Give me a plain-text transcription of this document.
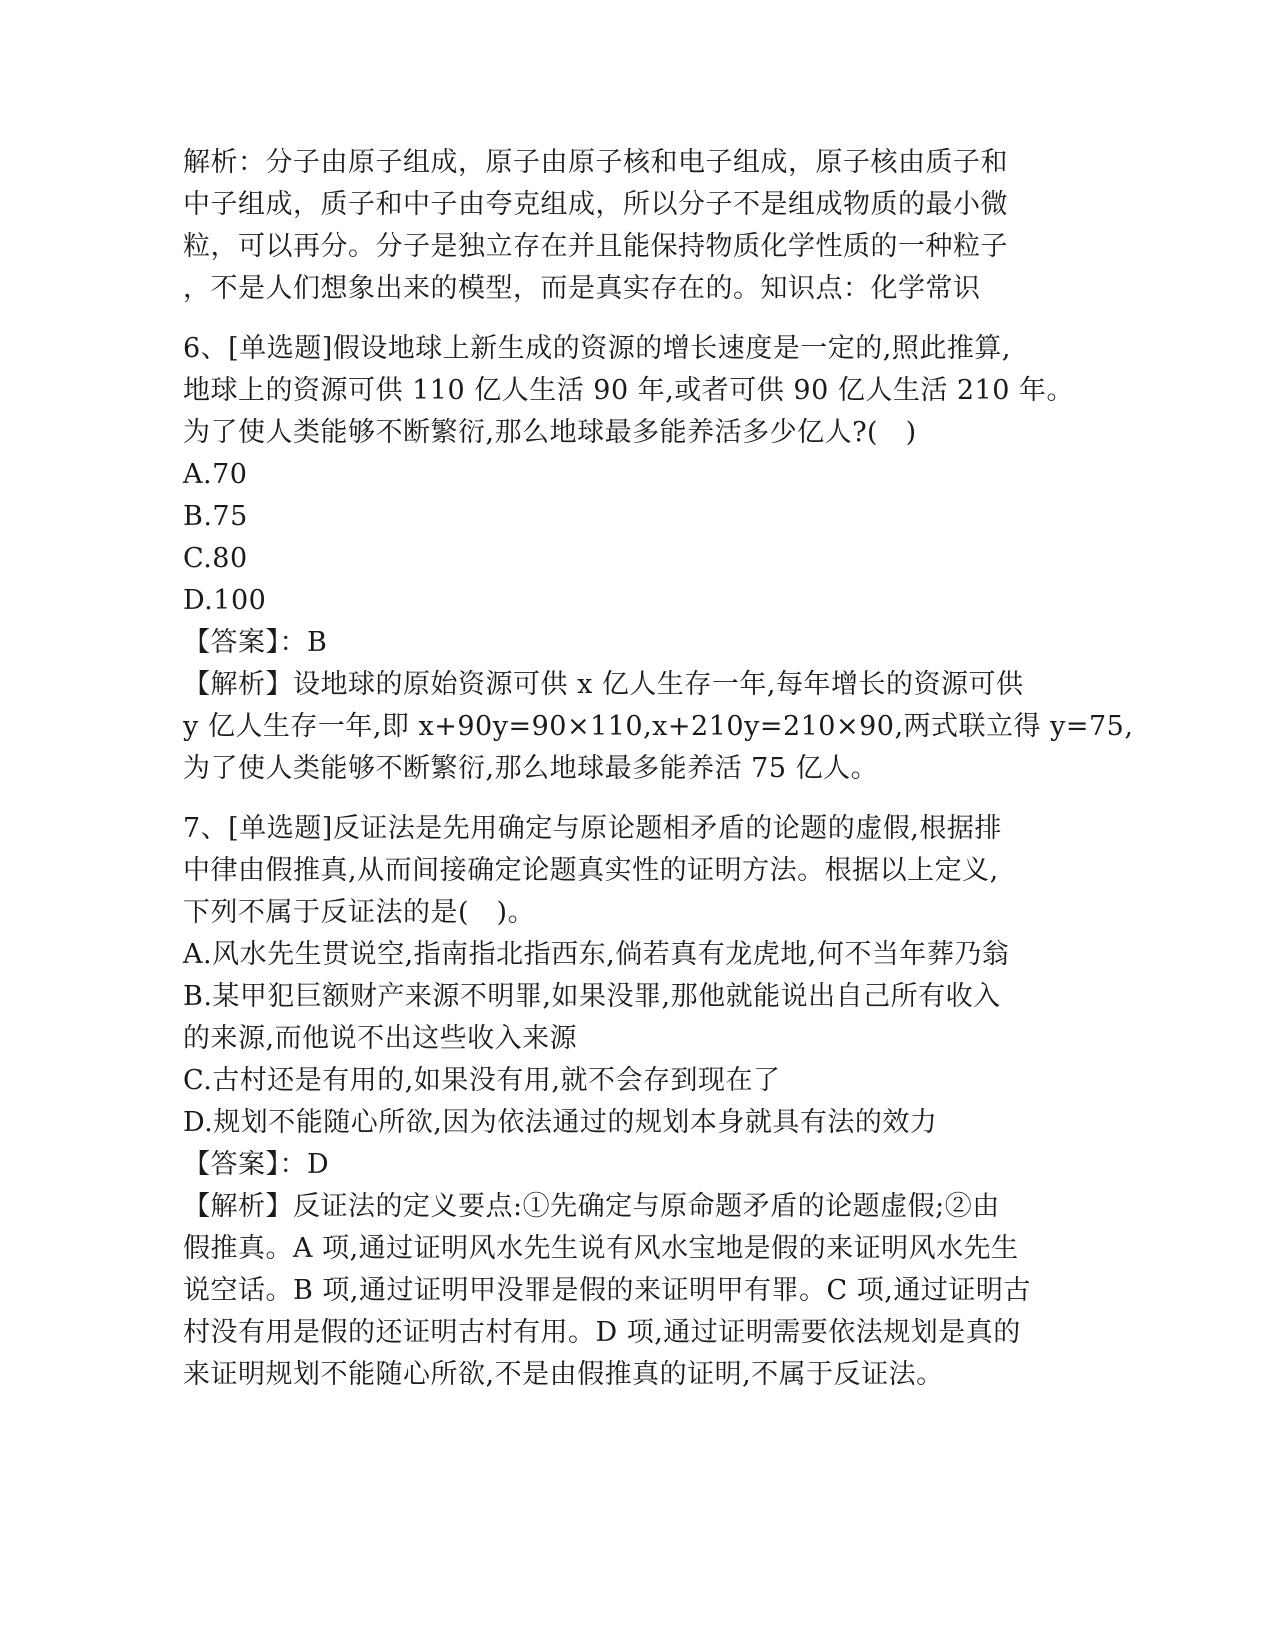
解析：分子由原子组成，原子由原子核和电子组成，原子核由质子和
中子组成，质子和中子由夸克组成，所以分子不是组成物质的最小微
粒，可以再分。分子是独立存在并且能保持物质化学性质的一种粒子
，不是人们想象出来的模型，而是真实存在的。知识点：化学常识
6、[单选题]假设地球上新生成的资源的增长速度是一定的,照此推算,
地球上的资源可供 110 亿人生活 90 年,或者可供 90 亿人生活 210 年。
为了使人类能够不断繁衍,那么地球最多能养活多少亿人?(　)
A.70
B.75
C.80
D.100
【答案】：B
【解析】设地球的原始资源可供 x 亿人生存一年,每年增长的资源可供
y 亿人生存一年,即 x+90y=90×110,x+210y=210×90,两式联立得 y=75,
为了使人类能够不断繁衍,那么地球最多能养活 75 亿人。
7、[单选题]反证法是先用确定与原论题相矛盾的论题的虚假,根据排
中律由假推真,从而间接确定论题真实性的证明方法。根据以上定义,
下列不属于反证法的是(　)。
A.风水先生贯说空,指南指北指西东,倘若真有龙虎地,何不当年葬乃翁
B.某甲犯巨额财产来源不明罪,如果没罪,那他就能说出自己所有收入
的来源,而他说不出这些收入来源
C.古村还是有用的,如果没有用,就不会存到现在了
D.规划不能随心所欲,因为依法通过的规划本身就具有法的效力
【答案】：D
【解析】反证法的定义要点:①先确定与原命题矛盾的论题虚假;②由
假推真。A 项,通过证明风水先生说有风水宝地是假的来证明风水先生
说空话。B 项,通过证明甲没罪是假的来证明甲有罪。C 项,通过证明古
村没有用是假的还证明古村有用。D 项,通过证明需要依法规划是真的
来证明规划不能随心所欲,不是由假推真的证明,不属于反证法。
